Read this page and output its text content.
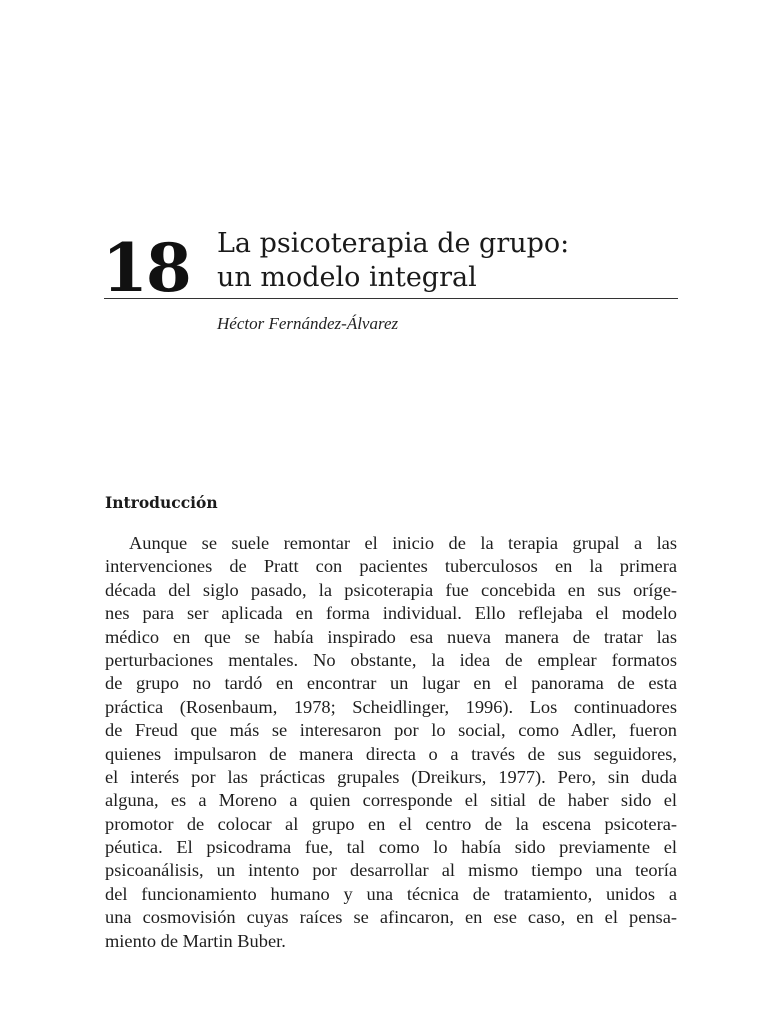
18 La psicoterapia de grupo:
un modelo integral
Héctor Fernández-Álvarez
Introducción
Aunque se suele remontar el inicio de la terapia grupal a las
intervenciones de Pratt con pacientes tuberculosos en la primera
década del siglo pasado, la psicoterapia fue concebida en sus oríge-
nes para ser aplicada en forma individual. Ello reflejaba el modelo
médico en que se había inspirado esa nueva manera de tratar las
perturbaciones mentales. No obstante, la idea de emplear formatos
de grupo no tardó en encontrar un lugar en el panorama de esta
práctica (Rosenbaum, 1978; Scheidlinger, 1996). Los continuadores
de Freud que más se interesaron por lo social, como Adler, fueron
quienes impulsaron de manera directa o a través de sus seguidores,
el interés por las prácticas grupales (Dreikurs, 1977). Pero, sin duda
alguna, es a Moreno a quien corresponde el sitial de haber sido el
promotor de colocar al grupo en el centro de la escena psicotera-
péutica. El psicodrama fue, tal como lo había sido previamente el
psicoanálisis, un intento por desarrollar al mismo tiempo una teoría
del funcionamiento humano y una técnica de tratamiento, unidos a
una cosmovisión cuyas raíces se afincaron, en ese caso, en el pensa-
miento de Martin Buber.
